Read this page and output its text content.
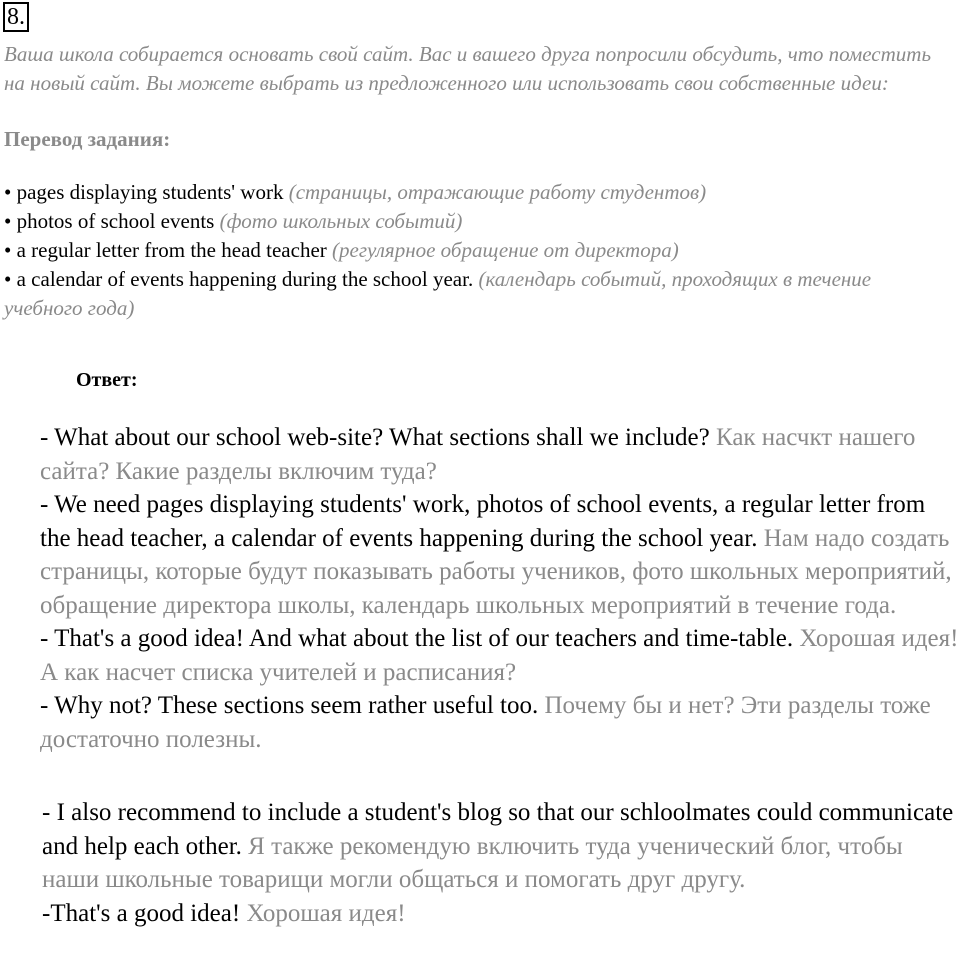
8.

Ваша школа собирается основать свой сайт. Вас и вашего друга попросили обсудить, что поместить на новый сайт. Вы можете выбрать из предложенного или использовать свои собственные идеи:

Перевод задания:

• pages displaying students' work (страницы, отражающие работу студентов)

• photos of school events (фото школьных событий)

• a regular letter from the head teacher (регулярное обращение от директора)

• a calendar of events happening during the school year. (календарь событий, проходящих в течение учебного года)

Ответ:

- What about our school web-site? What sections shall we include? Как насчкт нашего сайта? Какие разделы включим туда?

- We need pages displaying students' work, photos of school events, a regular letter from the head teacher, a calendar of events happening during the school year. Нам надо создать страницы, которые будут показывать работы учеников, фото школьных мероприятий, обращение директора школы, календарь школьных мероприятий в течение года.

- That's a good idea! And what about the list of our teachers and time-table. Хорошая идея! А как насчет списка учителей и расписания?

- Why not? These sections seem rather useful too. Почему бы и нет? Эти разделы тоже достаточно полезны.

- I also recommend to include a student's blog so that our schloolmates could communicate and help each other. Я также рекомендую включить туда ученический блог, чтобы наши школьные товарищи могли общаться и помогать друг другу.

-That's a good idea! Хорошая идея!
